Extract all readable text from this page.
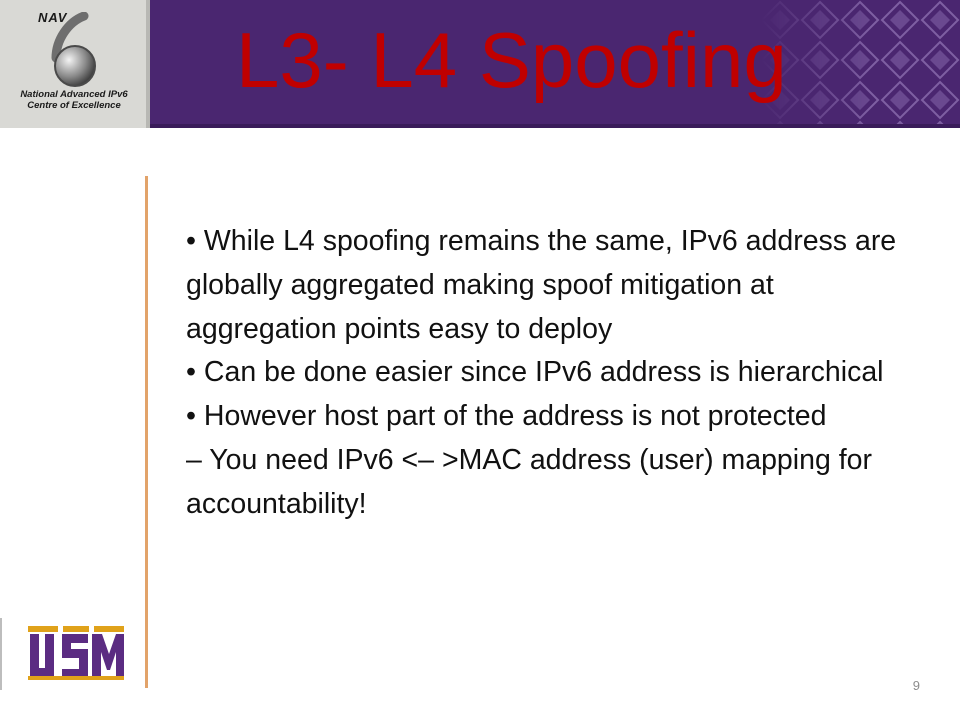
NAV
National Advanced IPv6
Centre of Excellence
L3- L4 Spoofing

• While L4 spoofing remains the same, IPv6 address are globally aggregated making spoof mitigation at aggregation points easy to deploy

• Can be done easier since IPv6 address is hierarchical

• However host part of the address is not protected

– You need IPv6 <– >MAC address (user) mapping for accountability!

9
